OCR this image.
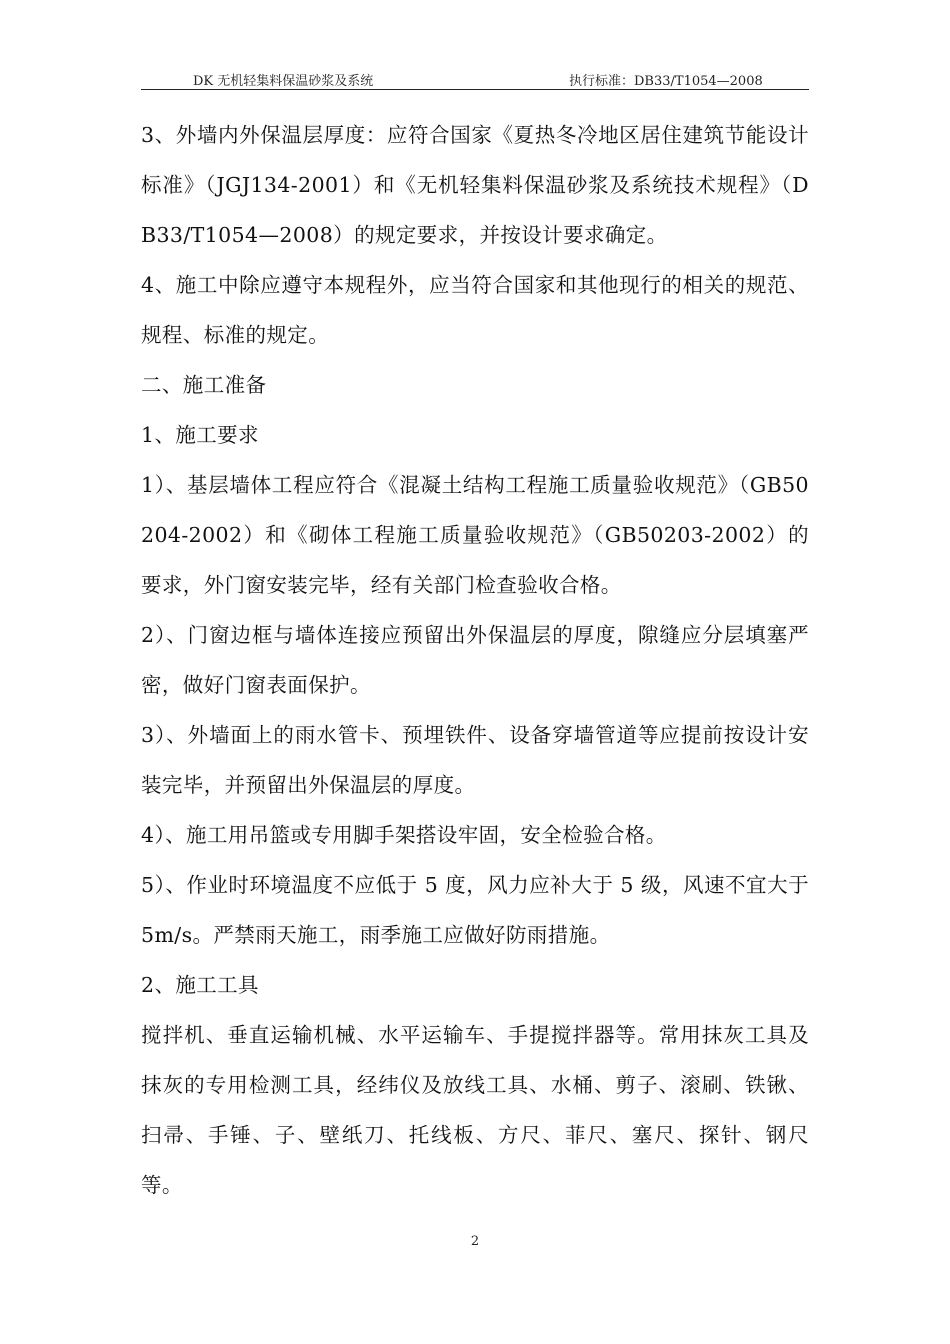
DK 无机轻集料保温砂浆及系统	执行标准：DB33/T1054—2008

3、外墙内外保温层厚度：应符合国家《夏热冬冷地区居住建筑节能设计标准》（JGJ134-2001）和《无机轻集料保温砂浆及系统技术规程》（DB33/T1054—2008）的规定要求，并按设计要求确定。

4、施工中除应遵守本规程外，应当符合国家和其他现行的相关的规范、规程、标准的规定。

二、施工准备

1、施工要求

1）、基层墙体工程应符合《混凝土结构工程施工质量验收规范》（GB50204-2002）和《砌体工程施工质量验收规范》（GB50203-2002）的要求，外门窗安装完毕，经有关部门检查验收合格。

2）、门窗边框与墙体连接应预留出外保温层的厚度，隙缝应分层填塞严密，做好门窗表面保护。

3）、外墙面上的雨水管卡、预埋铁件、设备穿墙管道等应提前按设计安装完毕，并预留出外保温层的厚度。

4）、施工用吊篮或专用脚手架搭设牢固，安全检验合格。

5）、作业时环境温度不应低于 5 度，风力应补大于 5 级，风速不宜大于 5m/s。严禁雨天施工，雨季施工应做好防雨措施。

2、施工工具

搅拌机、垂直运输机械、水平运输车、手提搅拌器等。常用抹灰工具及抹灰的专用检测工具，经纬仪及放线工具、水桶、剪子、滚刷、铁锹、扫帚、手锤、子、壁纸刀、托线板、方尺、菲尺、塞尺、探针、钢尺等。

2
